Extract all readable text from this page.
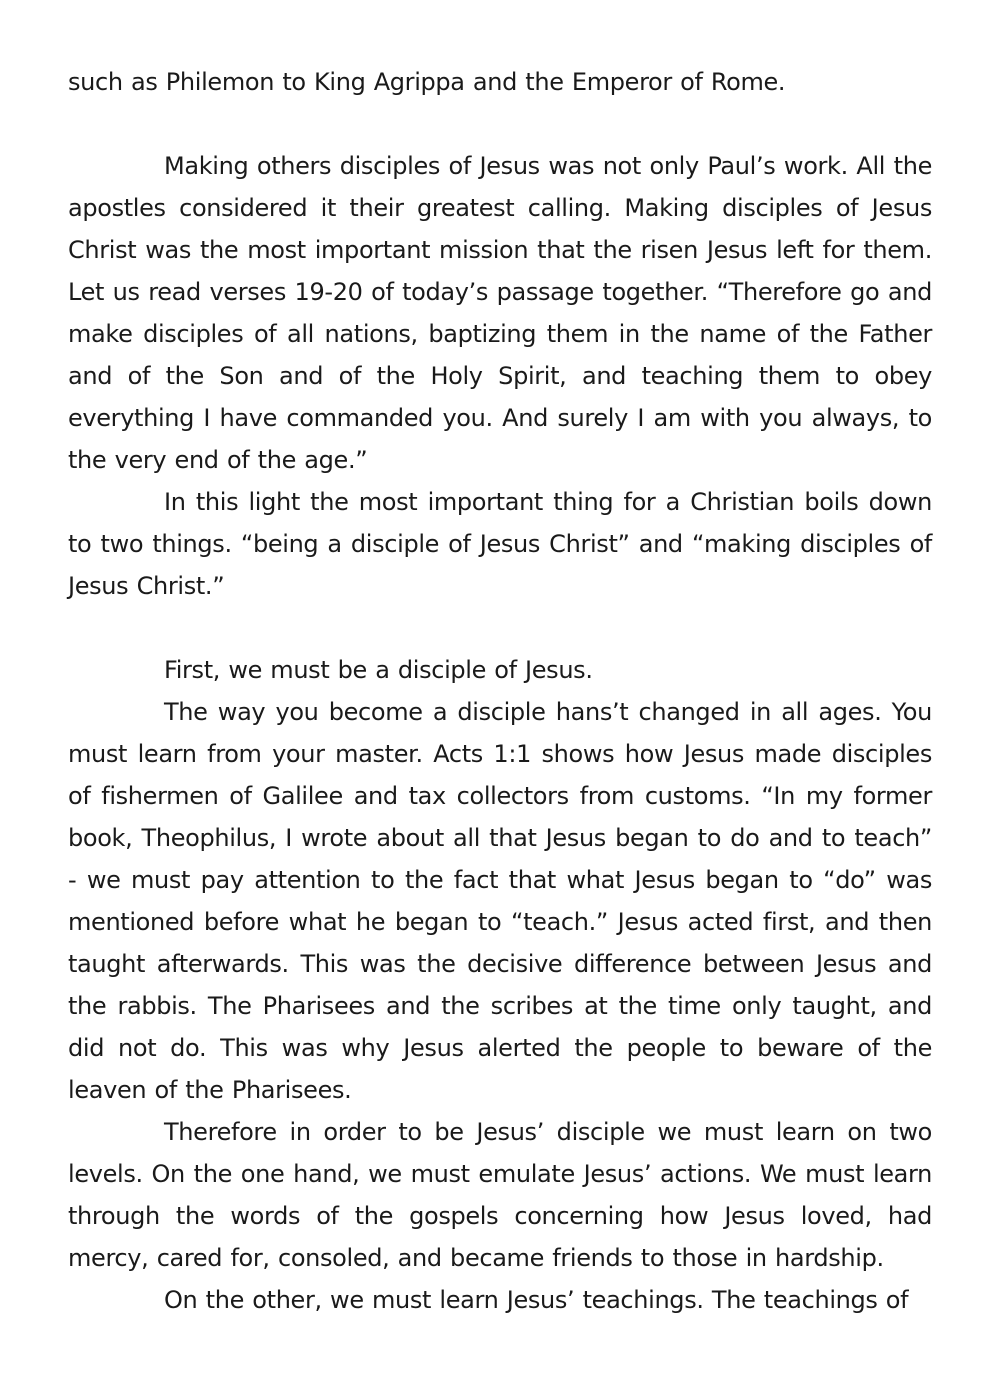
such as Philemon to King Agrippa and the Emperor of Rome.

Making others disciples of Jesus was not only Paul’s work. All the apostles considered it their greatest calling. Making disciples of Jesus Christ was the most important mission that the risen Jesus left for them. Let us read verses 19-20 of today’s passage together. “Therefore go and make disciples of all nations, baptizing them in the name of the Father and of the Son and of the Holy Spirit, and teaching them to obey everything I have commanded you. And surely I am with you always, to the very end of the age.”

In this light the most important thing for a Christian boils down to two things. “being a disciple of Jesus Christ” and “making disciples of Jesus Christ.”

First, we must be a disciple of Jesus.

The way you become a disciple hans’t changed in all ages. You must learn from your master. Acts 1:1 shows how Jesus made disciples of fishermen of Galilee and tax collectors from customs. “In my former book, Theophilus, I wrote about all that Jesus began to do and to teach” - we must pay attention to the fact that what Jesus began to “do” was mentioned before what he began to “teach.” Jesus acted first, and then taught afterwards. This was the decisive difference between Jesus and the rabbis. The Pharisees and the scribes at the time only taught, and did not do. This was why Jesus alerted the people to beware of the leaven of the Pharisees.

Therefore in order to be Jesus’ disciple we must learn on two levels. On the one hand, we must emulate Jesus’ actions. We must learn through the words of the gospels concerning how Jesus loved, had mercy, cared for, consoled, and became friends to those in hardship.

On the other, we must learn Jesus’ teachings. The teachings of
